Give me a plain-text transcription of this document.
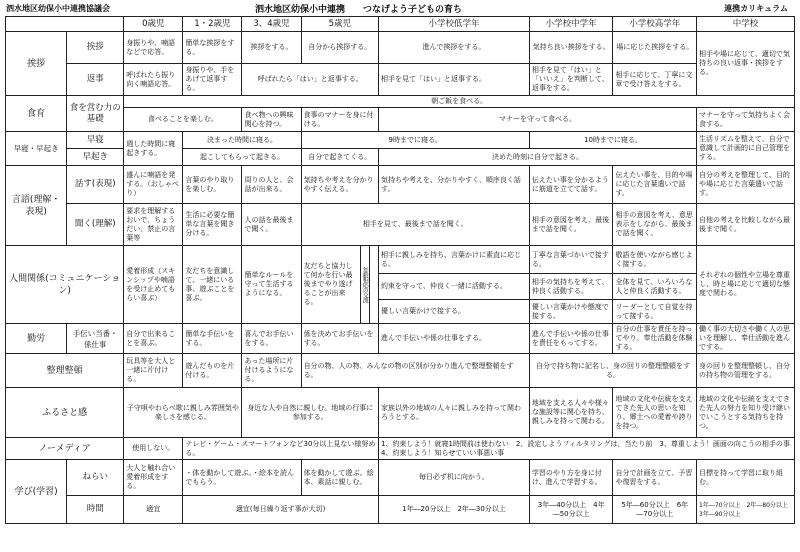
泗水地区幼保小中連携協議会	泗水地区幼保小中連携　　つなげよう子どもの育ち	連携カリキュラム
		0歳児	1・2歳児	3、4歳児	5歳児			小学校低学年	小学校中学年	小学校高学年	中学校
挨拶	挨拶	身振りや、喃語などで応答。	簡単な挨拶をする。	挨拶をする。	自分から挨拶する。			進んで挨拶をする。	気持ち良い挨拶をする。	場に応じた挨拶をする。	相手や場に応じて、適切で気持ちの良い返事・挨拶をする。
	返事	呼ばれたら振り向く喃語応答。	身振りや、手をあげて返事する。	呼ばれたら「はい」と返事する。				相手を見て「はい」と返事する。	相手を見て「はい」と「いいえ」を判断して、返事をする。	相手に応じて、丁寧に文章で受け答えをする。	
食育	食を営む力の基礎	朝ご飯を食べる。									
		食べることを楽しむ。		食べ物への興味関心を持つ。	食事のマナーを身に付ける。			マナーを守って食べる。			マナーを守って気持ちよく会食する。
早寝・早起き	早寝	週した時間に寝起きする。	決まった時間に寝る。		9時までに寝る。				10時までに寝る。		生活リズムを整えて、自分で意識して計画的に自己管理をする。
	早起き		起こしてもらって起きる。		自分で起きてくる。			決めた時刻に自分で起きる。			
言語(理解・表現)	話す(表現)	盛んに喃語を発する。（おしゃべり）	言葉のやり取りを楽しむ。	周りの人と、会話が出来る。	気持ちや考えを分かりやすく伝える。			気持ちや考えを、分かりやすく、順序良く話す。	伝えたい事を分かるように筋道を立てて話す。	伝えたい事を、目的や場に応じた言葉遣いで話す。	自分の考えを整理して、目的や場に応じた言葉遣いで話す。
	聞く(理解)	要求を理解するおいで、ちょうだい、禁止の言葉等	生活に必要な簡単な言葉を聞き分ける。	人の話を最後まで聞く。	相手を見て、最後まで話を聞く。				相手の意図を考え、最後まで話を聞く。	相手の意図を考え、意思表示をしながら、最後まで話を聞く。	自他の考えを比較しながら最後まで聞く。
人間関係(コミュニケーション)		愛着形成（スキンシップや喃語を受け止めてもらい喜ぶ）	友だちを意識して、一緒にいる事、遊ぶことを喜ぶ。	簡単なルールを守って生活するようになる。	友だちと協力して何かを行い最後までやり遂げることが出来る。	年齢相応の交流		相手に親しみを持ち、言葉かけに素直に応じる。	丁寧な言葉づかいで接する。	敬語を使いながら感じよく接する。	それぞれの個性や立場を尊重し、時と場に応じて適切な態度で関わる。
								約束を守って、仲良く一緒に活動する。	相手の気持ちを考えて、仲良く活動する。	全体を見て、いろいろな人と仲良く活動する。	
								優しい言葉かけで接する。	優しい言葉かけや態度で接する。	リーダーとして自覚を持って接する。	
勤労	手伝い当番・係仕事	自分で出来ることを喜ぶ。	簡単な手伝いをする。	喜んでお手伝いをする。	係を決めてお手伝いをする。			進んで手伝いや係の仕事をする。	進んで手伝いや係の仕事を責任をもってする。	自分の仕事を責任を持ってやり、奉仕活動を体験する。	働く事の大切さや働く人の思いを理解し、奉仕活動を進んでする。
整理整頓		玩具等を大人と一緒に片付ける。	遊んだものを片付ける。	あった場所に片付けるようになる。	自分の物、人の物、みんなの物の区別が分かり進んで整理整頓をする。				自分で持ち物に記名し、身の回りの整理整頓をする。		身の回りを整理整頓し、自分の持ち物の管理をする。
ふるさと感		子守唄やわらべ歌に親しみ雰囲気や楽しさを感じる。		身近な人や自然に親しむ。地域の行事に参加する。				家族以外の地域の人々に親しみを持って関わろうとする。	地域を支える人々や様々な施設等に関心を持ち、親しみを持って関わる。	地域の文化や伝統を支えてきた先人の思いを知り、郷土への愛着や誇りを持つ。	地域の文化や伝統を支えてきた先人の努力を知り受け継いでいこうとする気持ちを持つ。
ノーメディア		使用しない。	テレビ・ゲーム・スマートフォンなど30分以上見ない様努める。					1、約束しよう！就寝1時間前は使わない　2、設定しようフィルタリングは、当たり前　3、尊重しよう！画面の向こうの相手の事　4、約束しよう！知らせていい事悪い事			
学び(学習)	ねらい	大人と触れ合い愛着形成をする。	・体を動かして遊ぶ。・絵本を読んでもらう。		体を動かして遊ぶ。絵本、素話に親しむ。			毎日必ず机に向かう。	学習のやり方を身に付け、進んで学習する。	自分で計画を立て、予習や復習をする。	目標を持って学習に取り組む。
	時間	適宜	適宜(毎日繰り返す事が大切)					1年―20分以上　2年―30分以上	3年―40分以上　4年―50分以上	5年―60分以上　6年―70分以上	1年―70分以上　2年―80分以上　3年―90分以上
